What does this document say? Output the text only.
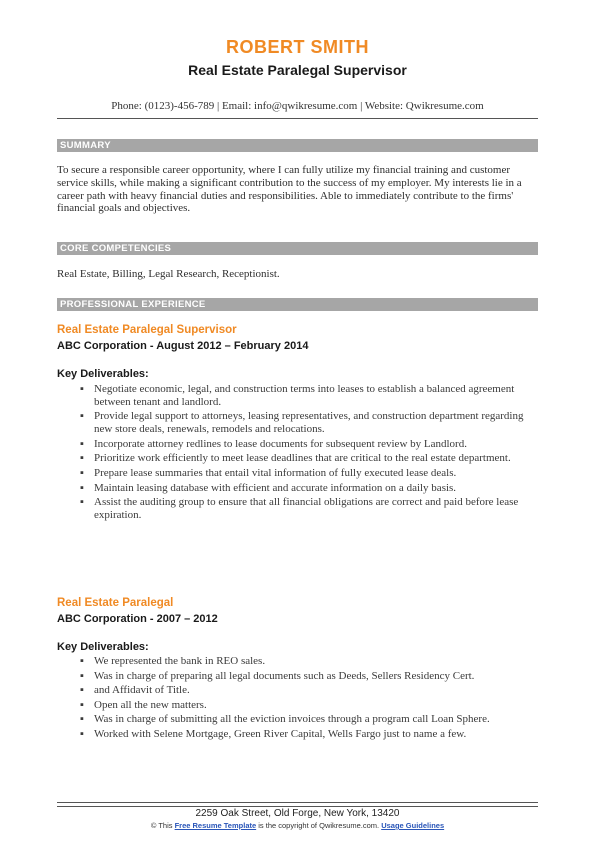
ROBERT SMITH
Real Estate Paralegal Supervisor
Phone: (0123)-456-789 | Email: info@qwikresume.com | Website: Qwikresume.com
SUMMARY
To secure a responsible career opportunity, where I can fully utilize my financial training and customer service skills, while making a significant contribution to the success of my employer. My interests lie in a career path with heavy financial duties and responsibilities. Able to immediately contribute to the firms' financial goals and objectives.
CORE COMPETENCIES
Real Estate, Billing, Legal Research, Receptionist.
PROFESSIONAL EXPERIENCE
Real Estate Paralegal Supervisor
ABC Corporation - August 2012 – February 2014
Key Deliverables:
▪ Negotiate economic, legal, and construction terms into leases to establish a balanced agreement between tenant and landlord.
▪ Provide legal support to attorneys, leasing representatives, and construction department regarding new store deals, renewals, remodels and relocations.
▪ Incorporate attorney redlines to lease documents for subsequent review by Landlord.
▪ Prioritize work efficiently to meet lease deadlines that are critical to the real estate department.
▪ Prepare lease summaries that entail vital information of fully executed lease deals.
▪ Maintain leasing database with efficient and accurate information on a daily basis.
▪ Assist the auditing group to ensure that all financial obligations are correct and paid before lease expiration.
Real Estate Paralegal
ABC Corporation - 2007 – 2012
Key Deliverables:
▪ We represented the bank in REO sales.
▪ Was in charge of preparing all legal documents such as Deeds, Sellers Residency Cert.
▪ and Affidavit of Title.
▪ Open all the new matters.
▪ Was in charge of submitting all the eviction invoices through a program call Loan Sphere.
▪ Worked with Selene Mortgage, Green River Capital, Wells Fargo just to name a few.
2259 Oak Street, Old Forge, New York, 13420
© This Free Resume Template is the copyright of Qwikresume.com. Usage Guidelines
